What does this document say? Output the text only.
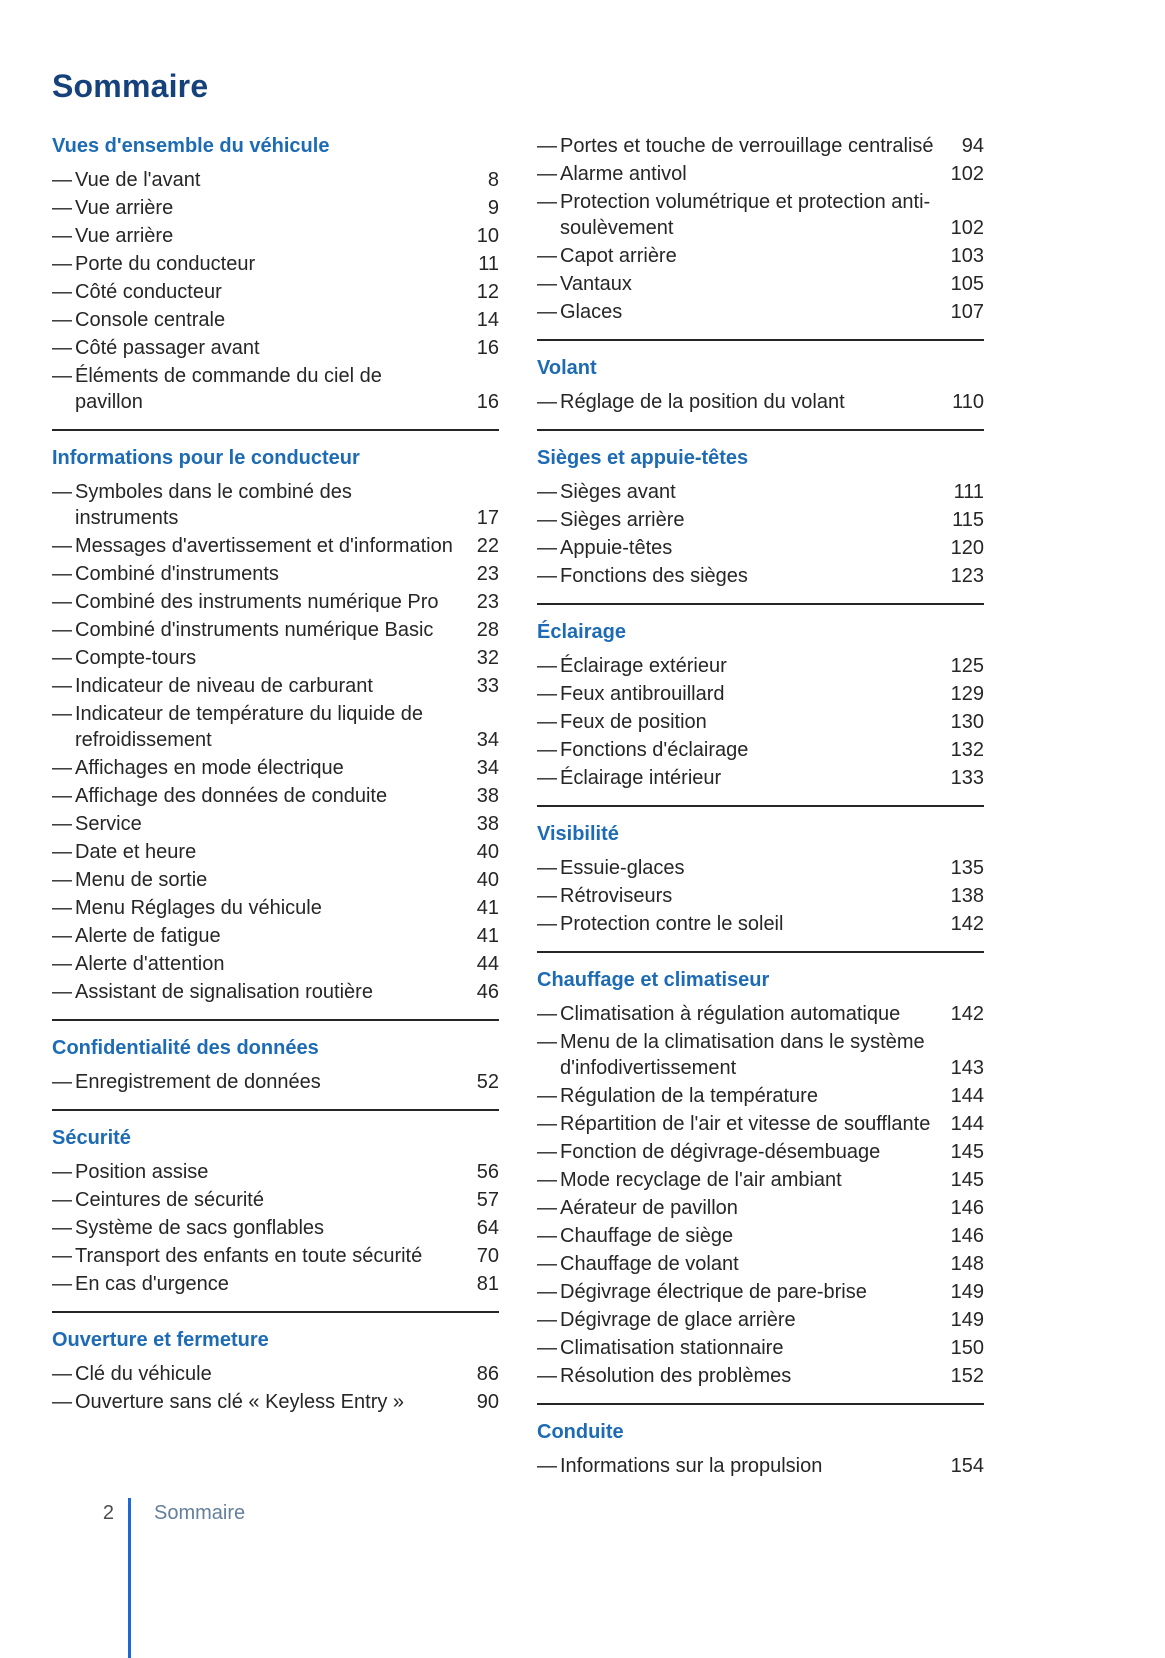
Sommaire
Vues d'ensemble du véhicule
— Vue de l'avant	8
— Vue arrière	9
— Vue arrière	10
— Porte du conducteur	11
— Côté conducteur	12
— Console centrale	14
— Côté passager avant	16
— Éléments de commande du ciel de pavillon	16
Informations pour le conducteur
— Symboles dans le combiné des instruments	17
— Messages d'avertissement et d'information	22
— Combiné d'instruments	23
— Combiné des instruments numérique Pro	23
— Combiné d'instruments numérique Basic	28
— Compte-tours	32
— Indicateur de niveau de carburant	33
— Indicateur de température du liquide de refroidissement	34
— Affichages en mode électrique	34
— Affichage des données de conduite	38
— Service	38
— Date et heure	40
— Menu de sortie	40
— Menu Réglages du véhicule	41
— Alerte de fatigue	41
— Alerte d'attention	44
— Assistant de signalisation routière	46
Confidentialité des données
— Enregistrement de données	52
Sécurité
— Position assise	56
— Ceintures de sécurité	57
— Système de sacs gonflables	64
— Transport des enfants en toute sécurité	70
— En cas d'urgence	81
Ouverture et fermeture
— Clé du véhicule	86
— Ouverture sans clé « Keyless Entry »	90
— Portes et touche de verrouillage centralisé	94
— Alarme antivol	102
— Protection volumétrique et protection anti-soulèvement	102
— Capot arrière	103
— Vantaux	105
— Glaces	107
Volant
— Réglage de la position du volant	110
Sièges et appuie-têtes
— Sièges avant	111
— Sièges arrière	115
— Appuie-têtes	120
— Fonctions des sièges	123
Éclairage
— Éclairage extérieur	125
— Feux antibrouillard	129
— Feux de position	130
— Fonctions d'éclairage	132
— Éclairage intérieur	133
Visibilité
— Essuie-glaces	135
— Rétroviseurs	138
— Protection contre le soleil	142
Chauffage et climatiseur
— Climatisation à régulation automatique	142
— Menu de la climatisation dans le système d'infodivertissement	143
— Régulation de la température	144
— Répartition de l'air et vitesse de soufflante	144
— Fonction de dégivrage-désembuage	145
— Mode recyclage de l'air ambiant	145
— Aérateur de pavillon	146
— Chauffage de siège	146
— Chauffage de volant	148
— Dégivrage électrique de pare-brise	149
— Dégivrage de glace arrière	149
— Climatisation stationnaire	150
— Résolution des problèmes	152
Conduite
— Informations sur la propulsion	154
2 Sommaire
